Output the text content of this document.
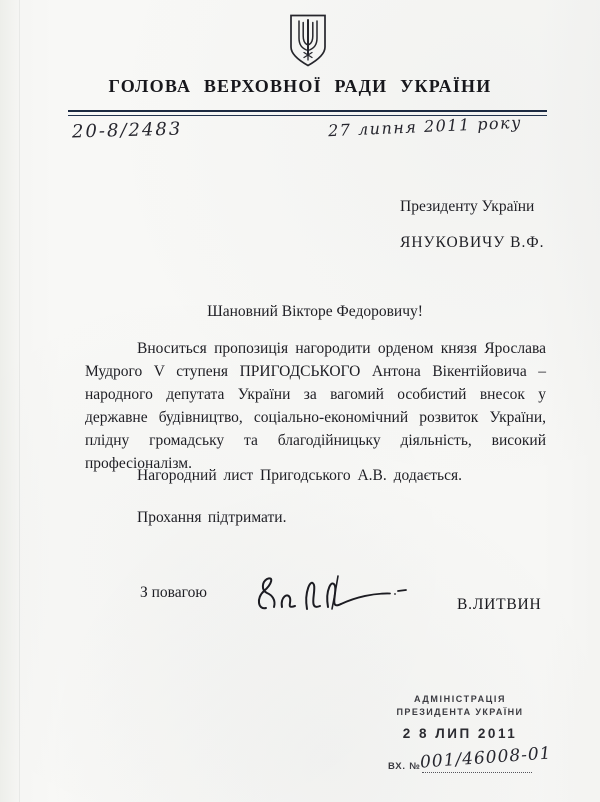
ГОЛОВА ВЕРХОВНОЇ РАДИ УКРАЇНИ
20-8/2483	27 липня 2011 року
Президенту України
ЯНУКОВИЧУ В.Ф.
Шановний Вікторе Федоровичу!
Вноситься пропозиція нагородити орденом князя Ярослава Мудрого V ступеня ПРИГОДСЬКОГО Антона Вікентійовича – народного депутата України за вагомий особистий внесок у державне будівництво, соціально-економічний розвиток України, плідну громадську та благодійницьку діяльність, високий професіоналізм.
Нагородний лист Пригодського А.В. додається.
Прохання підтримати.
З повагою
В.ЛИТВИН
АДМІНІСТРАЦІЯ
ПРЕЗИДЕНТА УКРАЇНИ
2 8 ЛИП 2011
ВХ. №
001/46008-01
